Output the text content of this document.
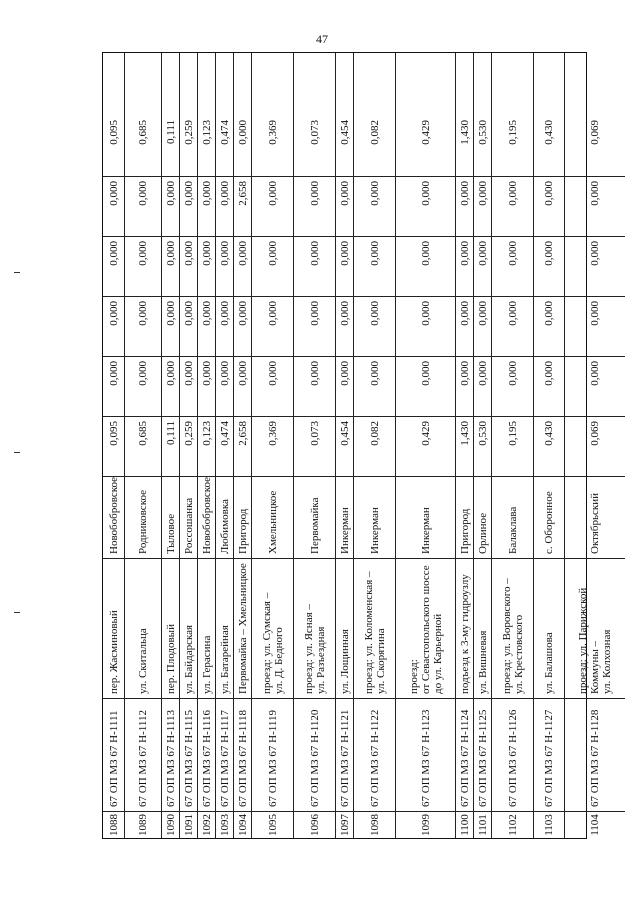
47
1088
67 ОП МЗ 67 Н-1111
пер. Жасминовый
Новобобровское
0,095
0,000
0,000
0,000
0,000
0,095
1089
67 ОП МЗ 67 Н-1112
ул. Скитальца
Родниковское
0,685
0,000
0,000
0,000
0,000
0,685
1090
67 ОП МЗ 67 Н-1113
пер. Плодовый
Тыловое
0,111
0,000
0,000
0,000
0,000
0,111
1091
67 ОП МЗ 67 Н-1115
ул. Байдарская
Россошанка
0,259
0,000
0,000
0,000
0,000
0,259
1092
67 ОП МЗ 67 Н-1116
ул. Герасина
Новобобровское
0,123
0,000
0,000
0,000
0,000
0,123
1093
67 ОП МЗ 67 Н-1117
ул. Батарейная
Любимовка
0,474
0,000
0,000
0,000
0,000
0,474
1094
67 ОП МЗ 67 Н-1118
Первомайка – Хмельницкое
Пригород
2,658
0,000
0,000
0,000
2,658
0,000
1095
67 ОП МЗ 67 Н-1119
проезд: ул. Сумская –
ул. Д. Бедного
Хмельницкое
0,369
0,000
0,000
0,000
0,000
0,369
1096
67 ОП МЗ 67 Н-1120
проезд: ул. Ясная –
ул. Разъездная
Первомайка
0,073
0,000
0,000
0,000
0,000
0,073
1097
67 ОП МЗ 67 Н-1121
ул. Лощинная
Инкерман
0,454
0,000
0,000
0,000
0,000
0,454
1098
67 ОП МЗ 67 Н-1122
проезд: ул. Коломенская –
ул. Скорятина
Инкерман
0,082
0,000
0,000
0,000
0,000
0,082
1099
67 ОП МЗ 67 Н-1123
проезд:
от Севастопольского шоссе
до ул. Карьерной
Инкерман
0,429
0,000
0,000
0,000
0,000
0,429
1100
67 ОП МЗ 67 Н-1124
подъезд к 3-му гидроузлу
Пригород
1,430
0,000
0,000
0,000
0,000
1,430
1101
67 ОП МЗ 67 Н-1125
ул. Вишневая
Орлиное
0,530
0,000
0,000
0,000
0,000
0,530
1102
67 ОП МЗ 67 Н-1126
проезд: ул. Воровского –
ул. Крестовского
Балаклава
0,195
0,000
0,000
0,000
0,000
0,195
1103
67 ОП МЗ 67 Н-1127
ул. Балашова
с. Оборонное
0,430
0,000
0,000
0,000
0,000
0,430
1104
67 ОП МЗ 67 Н-1128
проезд: ул. Парижской
Коммуны –
ул. Колхозная
Октябрьский
0,069
0,000
0,000
0,000
0,000
0,069
